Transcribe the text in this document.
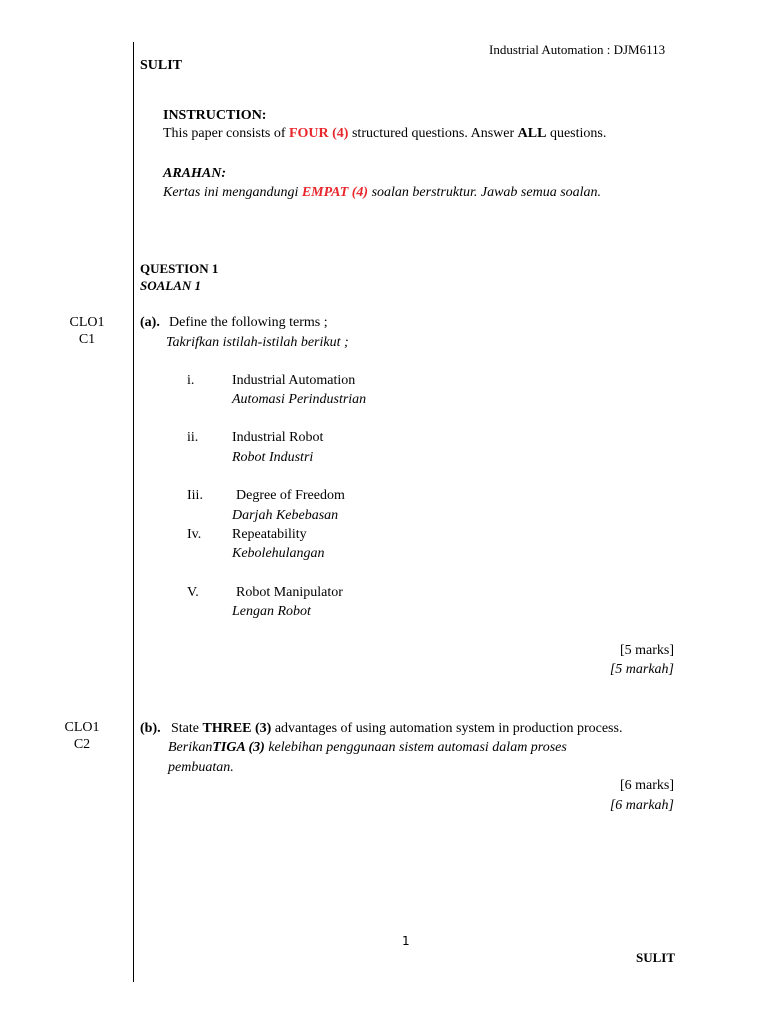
Industrial Automation : DJM6113
SULIT
INSTRUCTION:
This paper consists of FOUR (4) structured questions. Answer ALL questions.
ARAHAN:
Kertas ini mengandungi EMPAT (4) soalan berstruktur. Jawab semua soalan.
QUESTION 1
SOALAN 1
CLO1
C1
(a). Define the following terms ;
Takrifkan istilah-istilah berikut ;
i.	Industrial Automation
Automasi Perindustrian
ii. Industrial Robot
Robot Industri
Iii. Degree of Freedom
Darjah Kebebasan
Iv. Repeatability
Kebolehulangan
V.	Robot Manipulator
Lengan Robot
[5 marks]
[5 markah]
CLO1
C2
(b). State THREE (3) advantages of using automation system in production process.
BerikanTIGA (3) kelebihan penggunaan sistem automasi dalam proses
pembuatan.
[6 marks]
[6 markah]
1
SULIT
